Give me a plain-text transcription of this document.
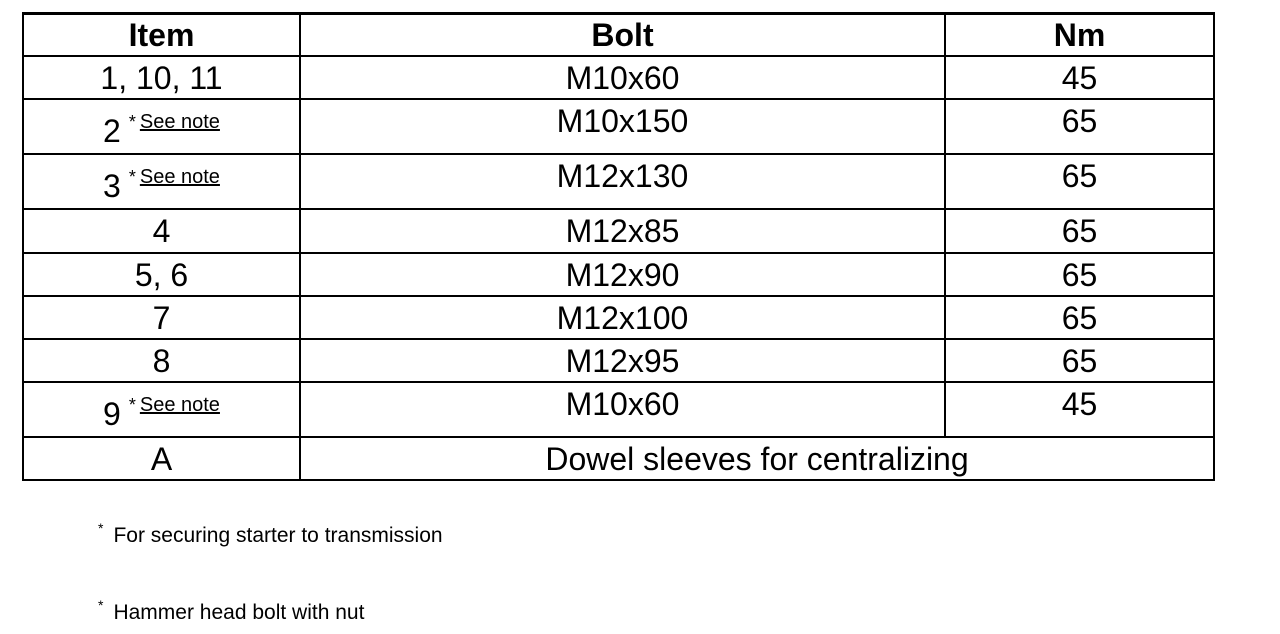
Item	Bolt	Nm
1, 10, 11	M10x60	45
2 * $^{See note}$	M10x150	65
3 * $^{See note}$	M12x130	65
4	M12x85	65
5, 6	M12x90	65
7	M12x100	65
8	M12x95	65
9 * $^{See note}$	M10x60	45
A	Dowel sleeves for centralizing	
* For securing starter to transmission
* Hammer head bolt with nut
